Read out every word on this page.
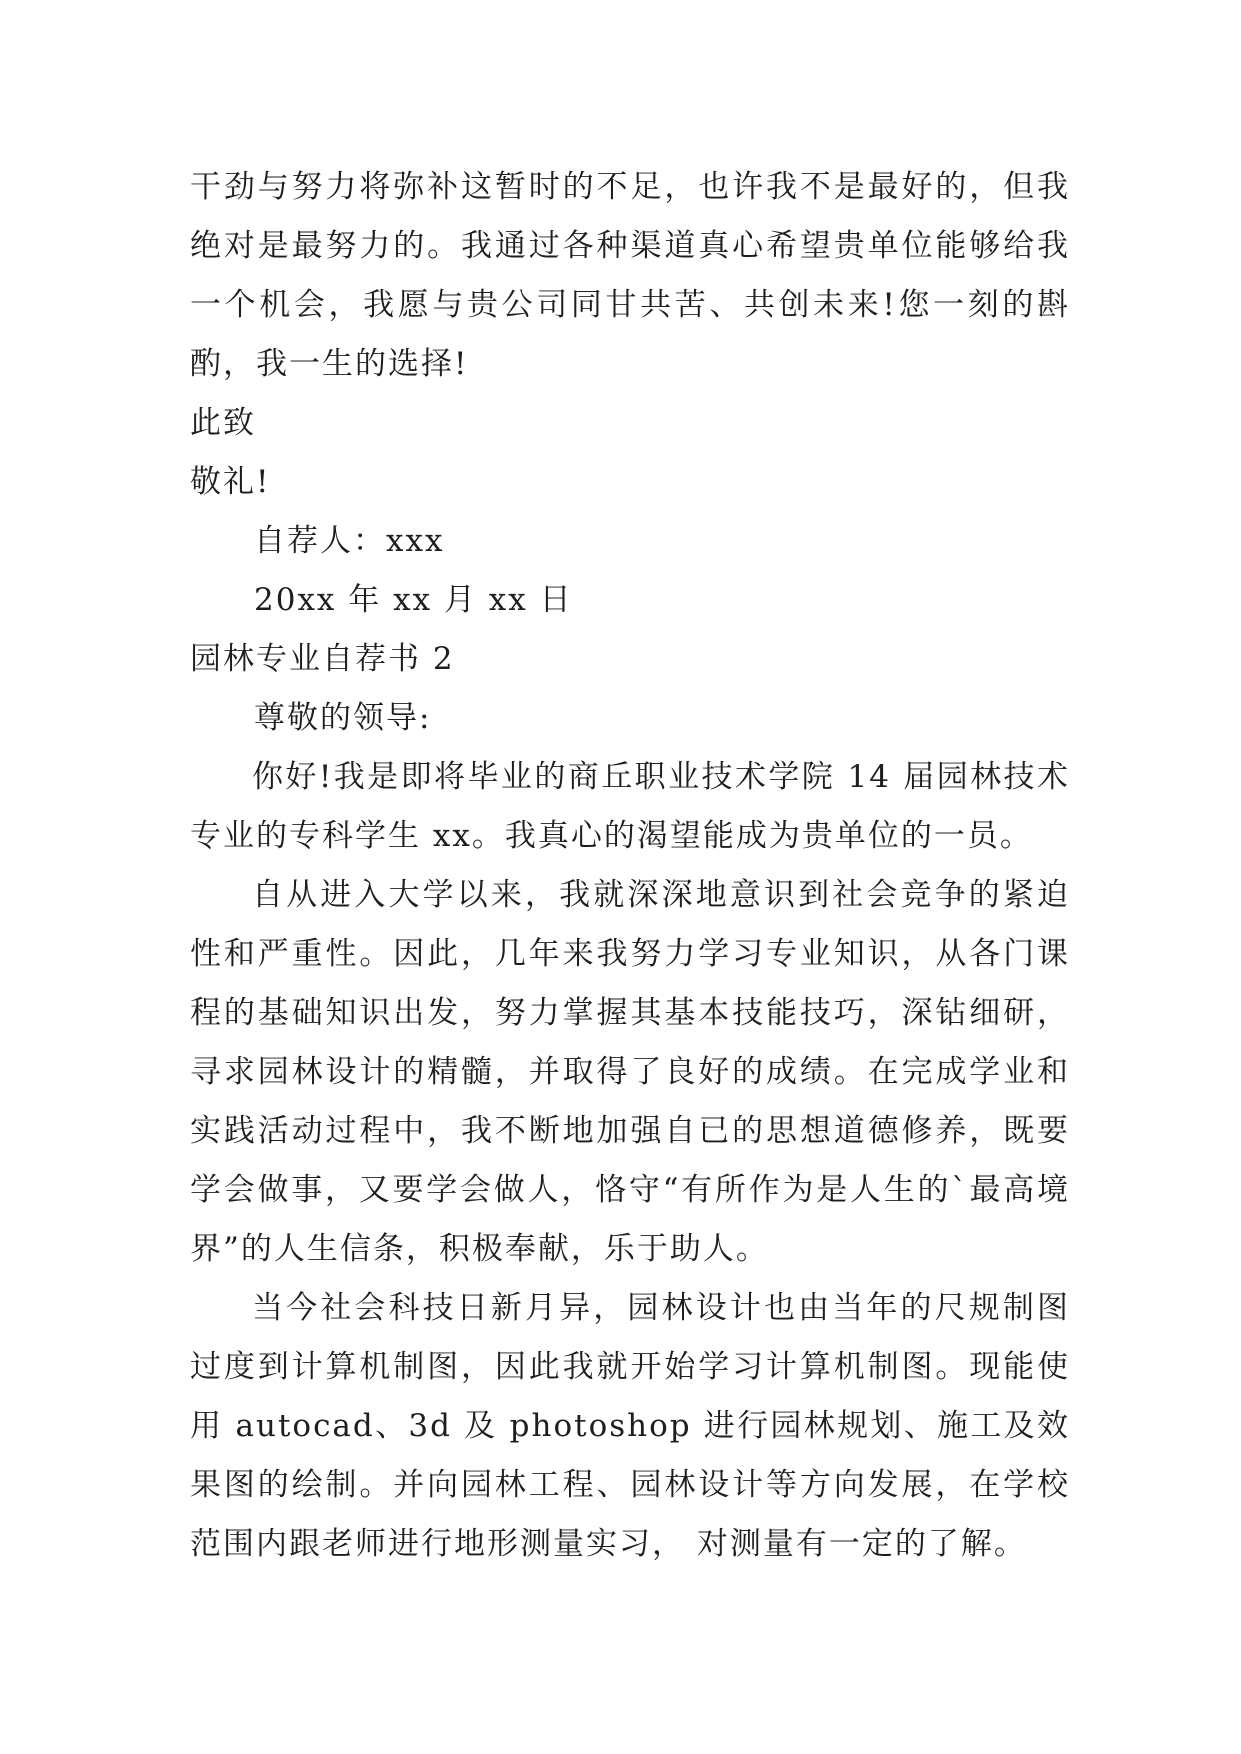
干劲与努力将弥补这暂时的不足，也许我不是最好的，但我绝对是最努力的。我通过各种渠道真心希望贵单位能够给我一个机会，我愿与贵公司同甘共苦、共创未来!您一刻的斟酌，我一生的选择!

此致

敬礼!

自荐人：xxx

20xx 年 xx 月 xx 日

园林专业自荐书 2

尊敬的领导:

你好!我是即将毕业的商丘职业技术学院 14 届园林技术专业的专科学生 xx。我真心的渴望能成为贵单位的一员。

自从进入大学以来，我就深深地意识到社会竞争的紧迫性和严重性。因此，几年来我努力学习专业知识，从各门课程的基础知识出发，努力掌握其基本技能技巧，深钻细研，寻求园林设计的精髓，并取得了良好的成绩。在完成学业和实践活动过程中，我不断地加强自已的思想道德修养，既要学会做事，又要学会做人，恪守“有所作为是人生的`最高境界”的人生信条，积极奉献，乐于助人。

当今社会科技日新月异，园林设计也由当年的尺规制图过度到计算机制图，因此我就开始学习计算机制图。现能使用 autocad、3d 及 photoshop 进行园林规划、施工及效果图的绘制。并向园林工程、园林设计等方向发展，在学校范围内跟老师进行地形测量实习， 对测量有一定的了解。
